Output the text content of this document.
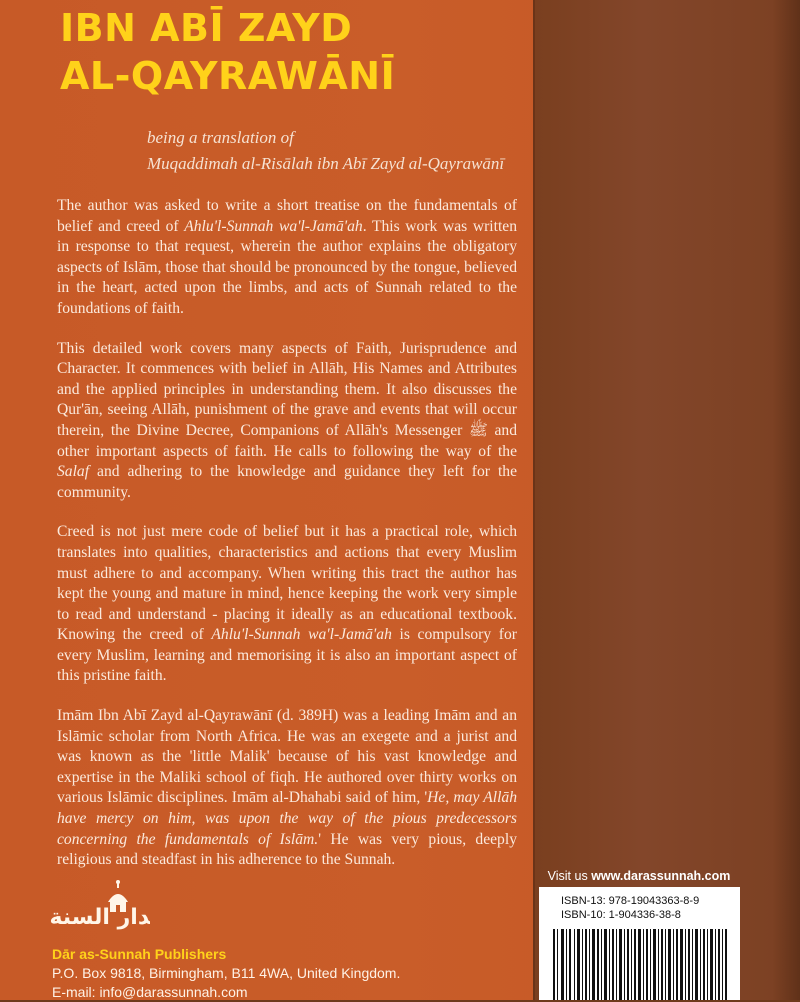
IBN ABĪ ZAYD
AL-QAYRAWĀNĪ
being a translation of
Muqaddimah al-Risālah ibn Abī Zayd al-Qayrawānī

The author was asked to write a short treatise on the fundamentals of belief and creed of Ahlu'l-Sunnah wa'l-Jamā'ah. This work was written in response to that request, wherein the author explains the obligatory aspects of Islām, those that should be pronounced by the tongue, believed in the heart, acted upon the limbs, and acts of Sunnah related to the foundations of faith.

This detailed work covers many aspects of Faith, Jurisprudence and Character. It commences with belief in Allāh, His Names and Attributes and the applied principles in understanding them. It also discusses the Qur'ān, seeing Allāh, punishment of the grave and events that will occur therein, the Divine Decree, Companions of Allāh's Messenger ﷺ and other important aspects of faith. He calls to following the way of the Salaf and adhering to the knowledge and guidance they left for the community.

Creed is not just mere code of belief but it has a practical role, which translates into qualities, characteristics and actions that every Muslim must adhere to and accompany. When writing this tract the author has kept the young and mature in mind, hence keeping the work very simple to read and understand - placing it ideally as an educational textbook. Knowing the creed of Ahlu'l-Sunnah wa'l-Jamā'ah is compulsory for every Muslim, learning and memorising it is also an important aspect of this pristine faith.

Imām Ibn Abī Zayd al-Qayrawānī (d. 389H) was a leading Imām and an Islāmic scholar from North Africa. He was an exegete and a jurist and was known as the 'little Malik' because of his vast knowledge and expertise in the Maliki school of fiqh. He authored over thirty works on various Islāmic disciplines. Imām al-Dhahabi said of him, 'He, may Allāh have mercy on him, was upon the way of the pious predecessors concerning the fundamentals of Islām.' He was very pious, deeply religious and steadfast in his adherence to the Sunnah.

﻿ﺪﺍﺭ ﺍﻟﺴﻨﺔ
Dār as-Sunnah Publishers
P.O. Box 9818, Birmingham, B11 4WA, United Kingdom.
E-mail: info@darassunnah.com
Visit us www.darassunnah.com
ISBN-13: 978-19043363-8-9
ISBN-10: 1-904336-38-8
